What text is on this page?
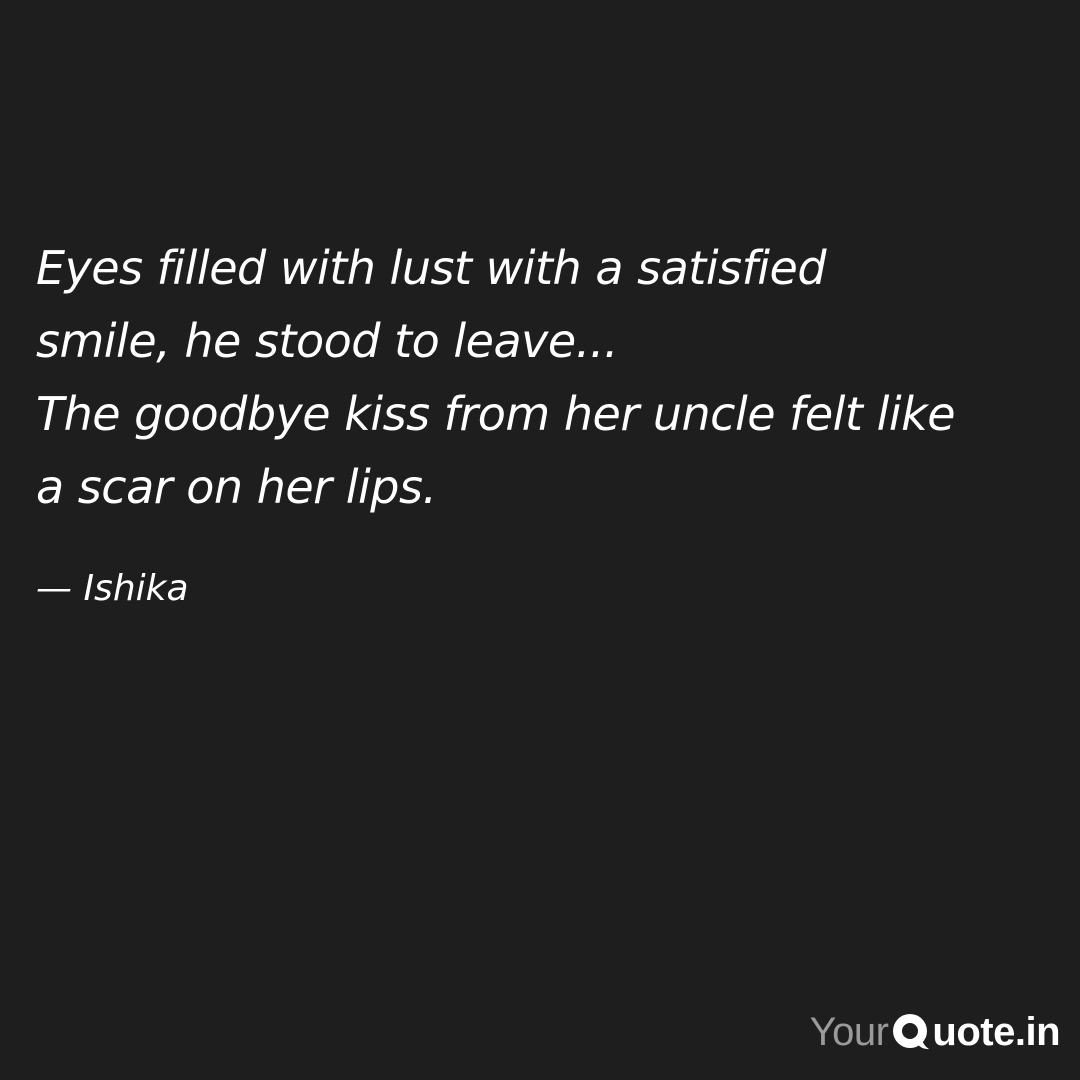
Eyes filled with lust with a satisfied
smile, he stood to leave...
The goodbye kiss from her uncle felt like
a scar on her lips.

— Ishika

Your uote.in
